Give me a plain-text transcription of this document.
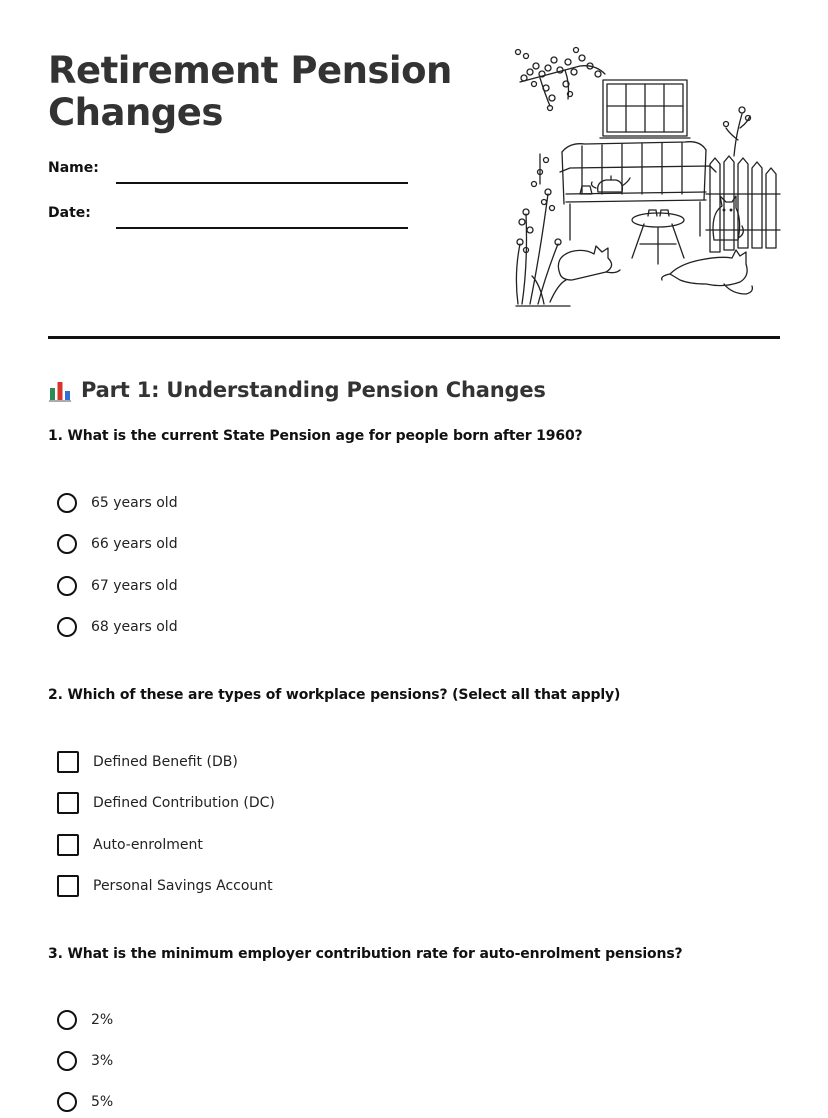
Retirement Pension Changes
Name:
Date:
Part 1: Understanding Pension Changes

1. What is the current State Pension age for people born after 1960?

65 years old
66 years old
67 years old
68 years old

2. Which of these are types of workplace pensions? (Select all that apply)

Defined Benefit (DB)
Defined Contribution (DC)
Auto-enrolment
Personal Savings Account

3. What is the minimum employer contribution rate for auto-enrolment pensions?

2%
3%
5%
